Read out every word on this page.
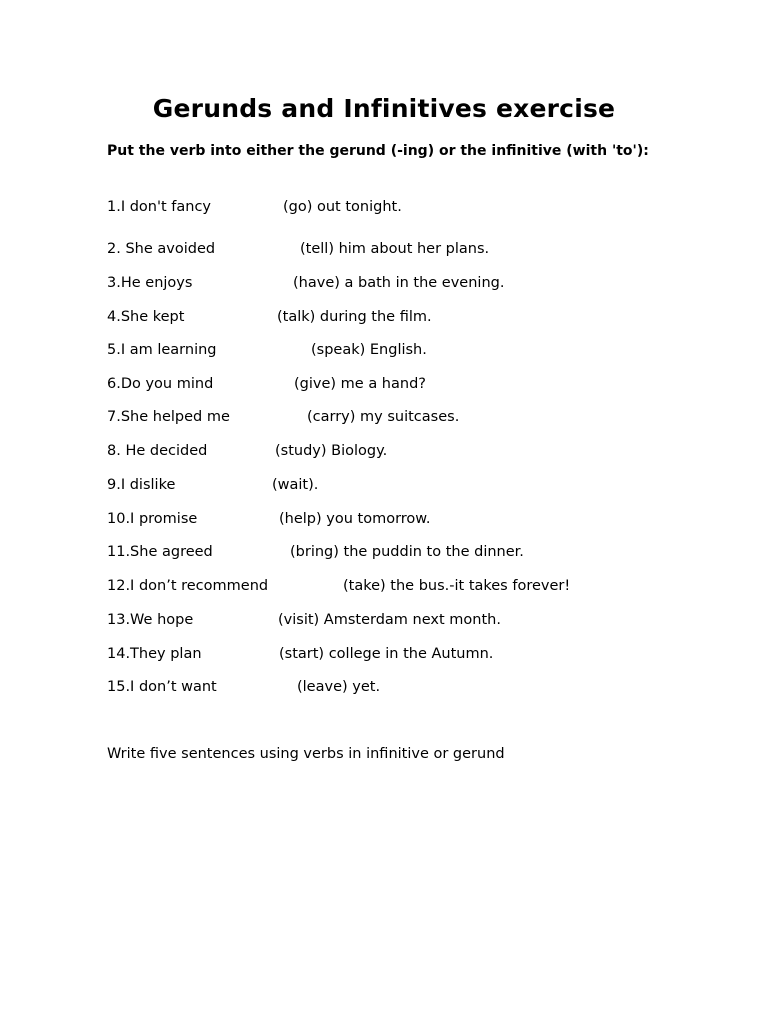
Gerunds and Infinitives exercise
Put the verb into either the gerund (-ing) or the infinitive (with 'to'):
1.I don't fancy	(go) out tonight.
2. She avoided	(tell) him about her plans.
3.He enjoys	(have) a bath in the evening.
4.She kept	(talk) during the film.
5.I am learning	(speak) English.
6.Do you mind	(give) me a hand?
7.She helped me	(carry) my suitcases.
8. He decided	(study) Biology.
9.I dislike	(wait).
10.I promise	(help) you tomorrow.
11.She agreed	(bring) the puddin to the dinner.
12.I don’t recommend	(take) the bus.-it takes forever!
13.We hope	(visit) Amsterdam next month.
14.They plan	(start) college in the Autumn.
15.I don’t want	(leave) yet.
Write five sentences using verbs in infinitive or gerund
